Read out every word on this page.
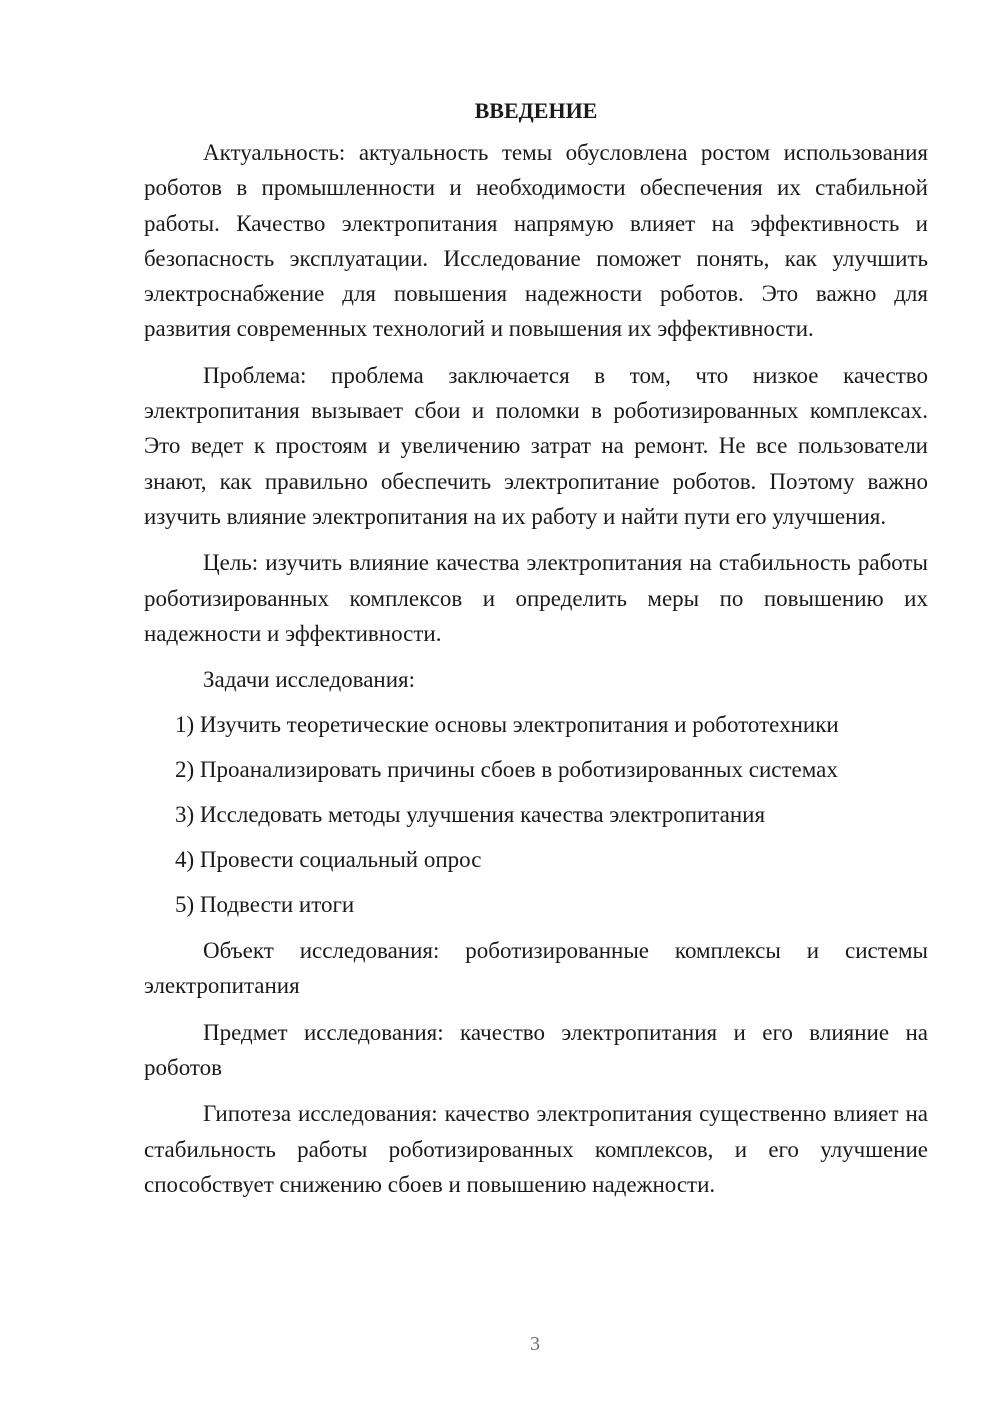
ВВЕДЕНИЕ

Актуальность: актуальность темы обусловлена ростом использования роботов в промышленности и необходимости обеспечения их стабильной работы. Качество электропитания напрямую влияет на эффективность и безопасность эксплуатации. Исследование поможет понять, как улучшить электроснабжение для повышения надежности роботов. Это важно для развития современных технологий и повышения их эффективности.

Проблема: проблема заключается в том, что низкое качество электропитания вызывает сбои и поломки в роботизированных комплексах. Это ведет к простоям и увеличению затрат на ремонт. Не все пользователи знают, как правильно обеспечить электропитание роботов. Поэтому важно изучить влияние электропитания на их работу и найти пути его улучшения.

Цель: изучить влияние качества электропитания на стабильность работы роботизированных комплексов и определить меры по повышению их надежности и эффективности.

Задачи исследования:

1) Изучить теоретические основы электропитания и робототехники
2) Проанализировать причины сбоев в роботизированных системах
3) Исследовать методы улучшения качества электропитания
4) Провести социальный опрос
5) Подвести итоги

Объект исследования: роботизированные комплексы и системы электропитания

Предмет исследования: качество электропитания и его влияние на роботов

Гипотеза исследования: качество электропитания существенно влияет на стабильность работы роботизированных комплексов, и его улучшение способствует снижению сбоев и повышению надежности.

3
